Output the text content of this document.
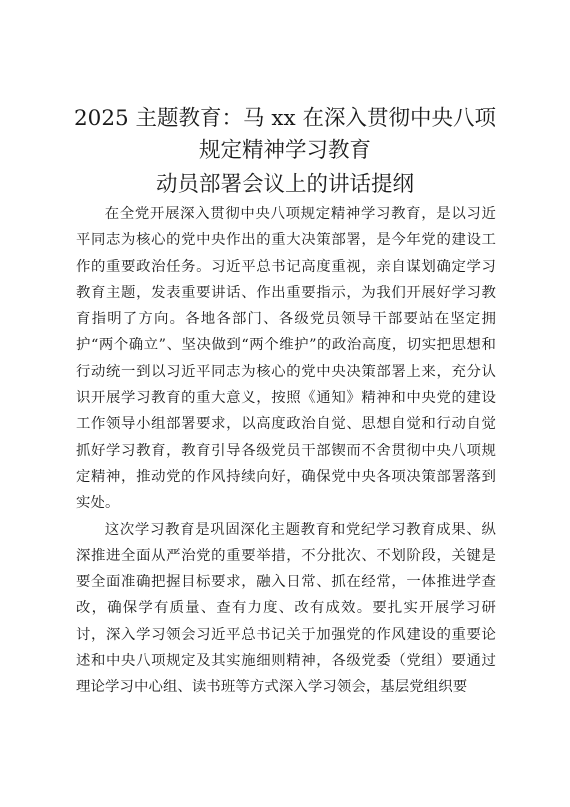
2025 主题教育：马 xx 在深入贯彻中央八项
规定精神学习教育
动员部署会议上的讲话提纲

在全党开展深入贯彻中央八项规定精神学习教育，是以习近平同志为核心的党中央作出的重大决策部署，是今年党的建设工作的重要政治任务。习近平总书记高度重视，亲自谋划确定学习教育主题，发表重要讲话、作出重要指示，为我们开展好学习教育指明了方向。各地各部门、各级党员领导干部要站在坚定拥护“两个确立”、坚决做到“两个维护”的政治高度，切实把思想和行动统一到以习近平同志为核心的党中央决策部署上来，充分认识开展学习教育的重大意义，按照《通知》精神和中央党的建设工作领导小组部署要求，以高度政治自觉、思想自觉和行动自觉抓好学习教育，教育引导各级党员干部锲而不舍贯彻中央八项规定精神，推动党的作风持续向好，确保党中央各项决策部署落到实处。

这次学习教育是巩固深化主题教育和党纪学习教育成果、纵深推进全面从严治党的重要举措，不分批次、不划阶段，关键是要全面准确把握目标要求，融入日常、抓在经常，一体推进学查改，确保学有质量、查有力度、改有成效。要扎实开展学习研讨，深入学习领会习近平总书记关于加强党的作风建设的重要论述和中央八项规定及其实施细则精神，各级党委（党组）要通过理论学习中心组、读书班等方式深入学习领会，基层党组织要
